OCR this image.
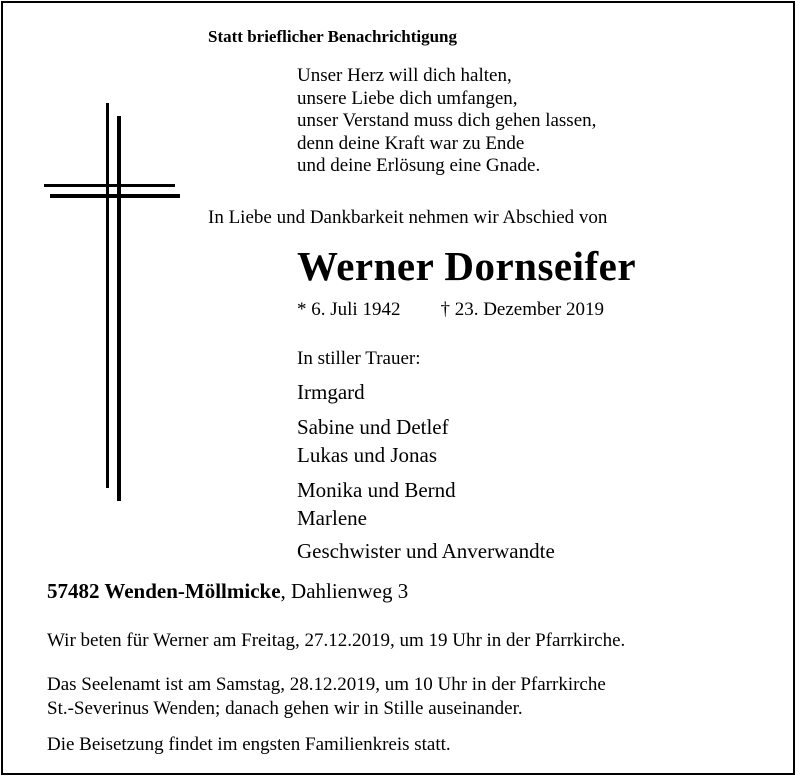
Statt brieflicher Benachrichtigung
Unser Herz will dich halten,
unsere Liebe dich umfangen,
unser Verstand muss dich gehen lassen,
denn deine Kraft war zu Ende
und deine Erlösung eine Gnade.
In Liebe und Dankbarkeit nehmen wir Abschied von
Werner Dornseifer
* 6. Juli 1942 † 23. Dezember 2019
In stiller Trauer:
Irmgard
Sabine und Detlef
Lukas und Jonas
Monika und Bernd
Marlene
Geschwister und Anverwandte
57482 Wenden-Möllmicke, Dahlienweg 3
Wir beten für Werner am Freitag, 27.12.2019, um 19 Uhr in der Pfarrkirche.
Das Seelenamt ist am Samstag, 28.12.2019, um 10 Uhr in der Pfarrkirche
St.-Severinus Wenden; danach gehen wir in Stille auseinander.
Die Beisetzung findet im engsten Familienkreis statt.
